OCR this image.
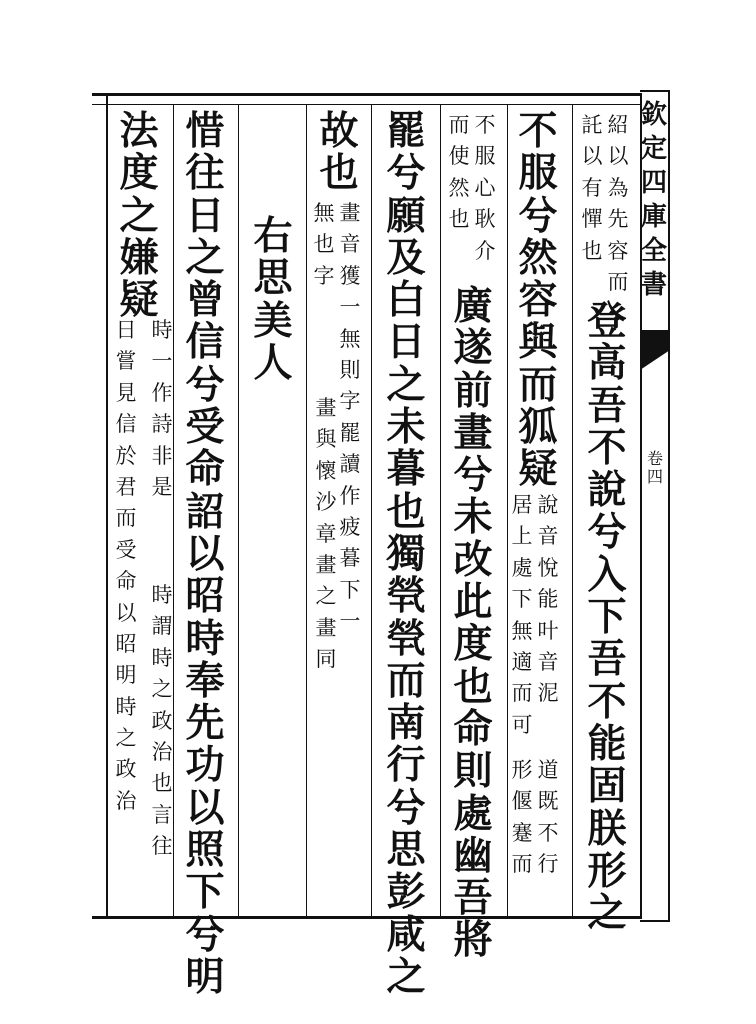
欽
定
四
庫
全
書
卷
四
紹
以
為
先
容
而
託
以
有
憚
也
登
高
吾
不
說
兮
入
下
吾
不
能
固
朕
形
之
不
服
兮
然
容
與
而
狐
疑
說
音
悅
能
叶
音
泥
居
上
處
下
無
適
而
可
道
既
不
行
形
偃
蹇
而
不
服
心
耿
介
而
使
然
也
廣
遂
前
畫
兮
未
改
此
度
也
命
則
處
幽
吾
將
罷
兮
願
及
白
日
之
未
暮
也
獨
煢
煢
而
南
行
兮
思
彭
咸
之
故
也
畫
音
獲
一
無
則
字
罷
讀
作
疲
暮
下
一
無
也
字
畫
與
懷
沙
章
畫
之
畫
同
右
思
美
人
惜
往
日
之
曾
信
兮
受
命
詔
以
昭
時
奉
先
功
以
照
下
兮
明
法
度
之
嫌
疑
時
一
作
詩
非
是
日
嘗
見
信
於
君
而
受
命
以
昭
明
時
之
政
治
時
謂
時
之
政
治
也
言
往
